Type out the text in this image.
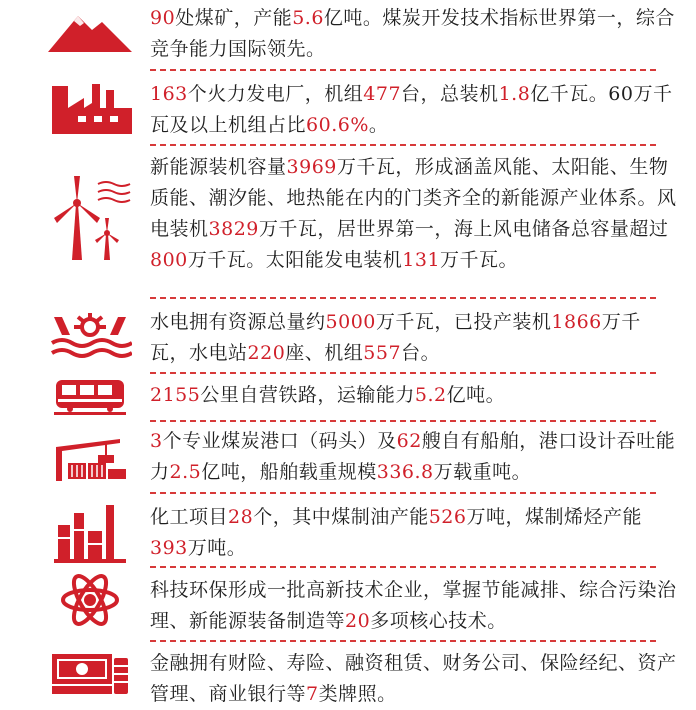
90处煤矿，产能5.6亿吨。煤炭开发技术指标世界第一，综合竞争能力国际领先。
163个火力发电厂，机组477台，总装机1.8亿千瓦。60万千瓦及以上机组占比60.6%。
新能源装机容量3969万千瓦，形成涵盖风能、太阳能、生物质能、潮汐能、地热能在内的门类齐全的新能源产业体系。风电装机3829万千瓦，居世界第一，海上风电储备总容量超过800万千瓦。太阳能发电装机131万千瓦。
水电拥有资源总量约5000万千瓦，已投产装机1866万千瓦，水电站220座、机组557台。
2155公里自营铁路，运输能力5.2亿吨。
3个专业煤炭港口（码头）及62艘自有船舶，港口设计吞吐能力2.5亿吨，船舶载重规模336.8万载重吨。
化工项目28个，其中煤制油产能526万吨，煤制烯烃产能393万吨。
科技环保形成一批高新技术企业，掌握节能减排、综合污染治理、新能源装备制造等20多项核心技术。
金融拥有财险、寿险、融资租赁、财务公司、保险经纪、资产管理、商业银行等7类牌照。
